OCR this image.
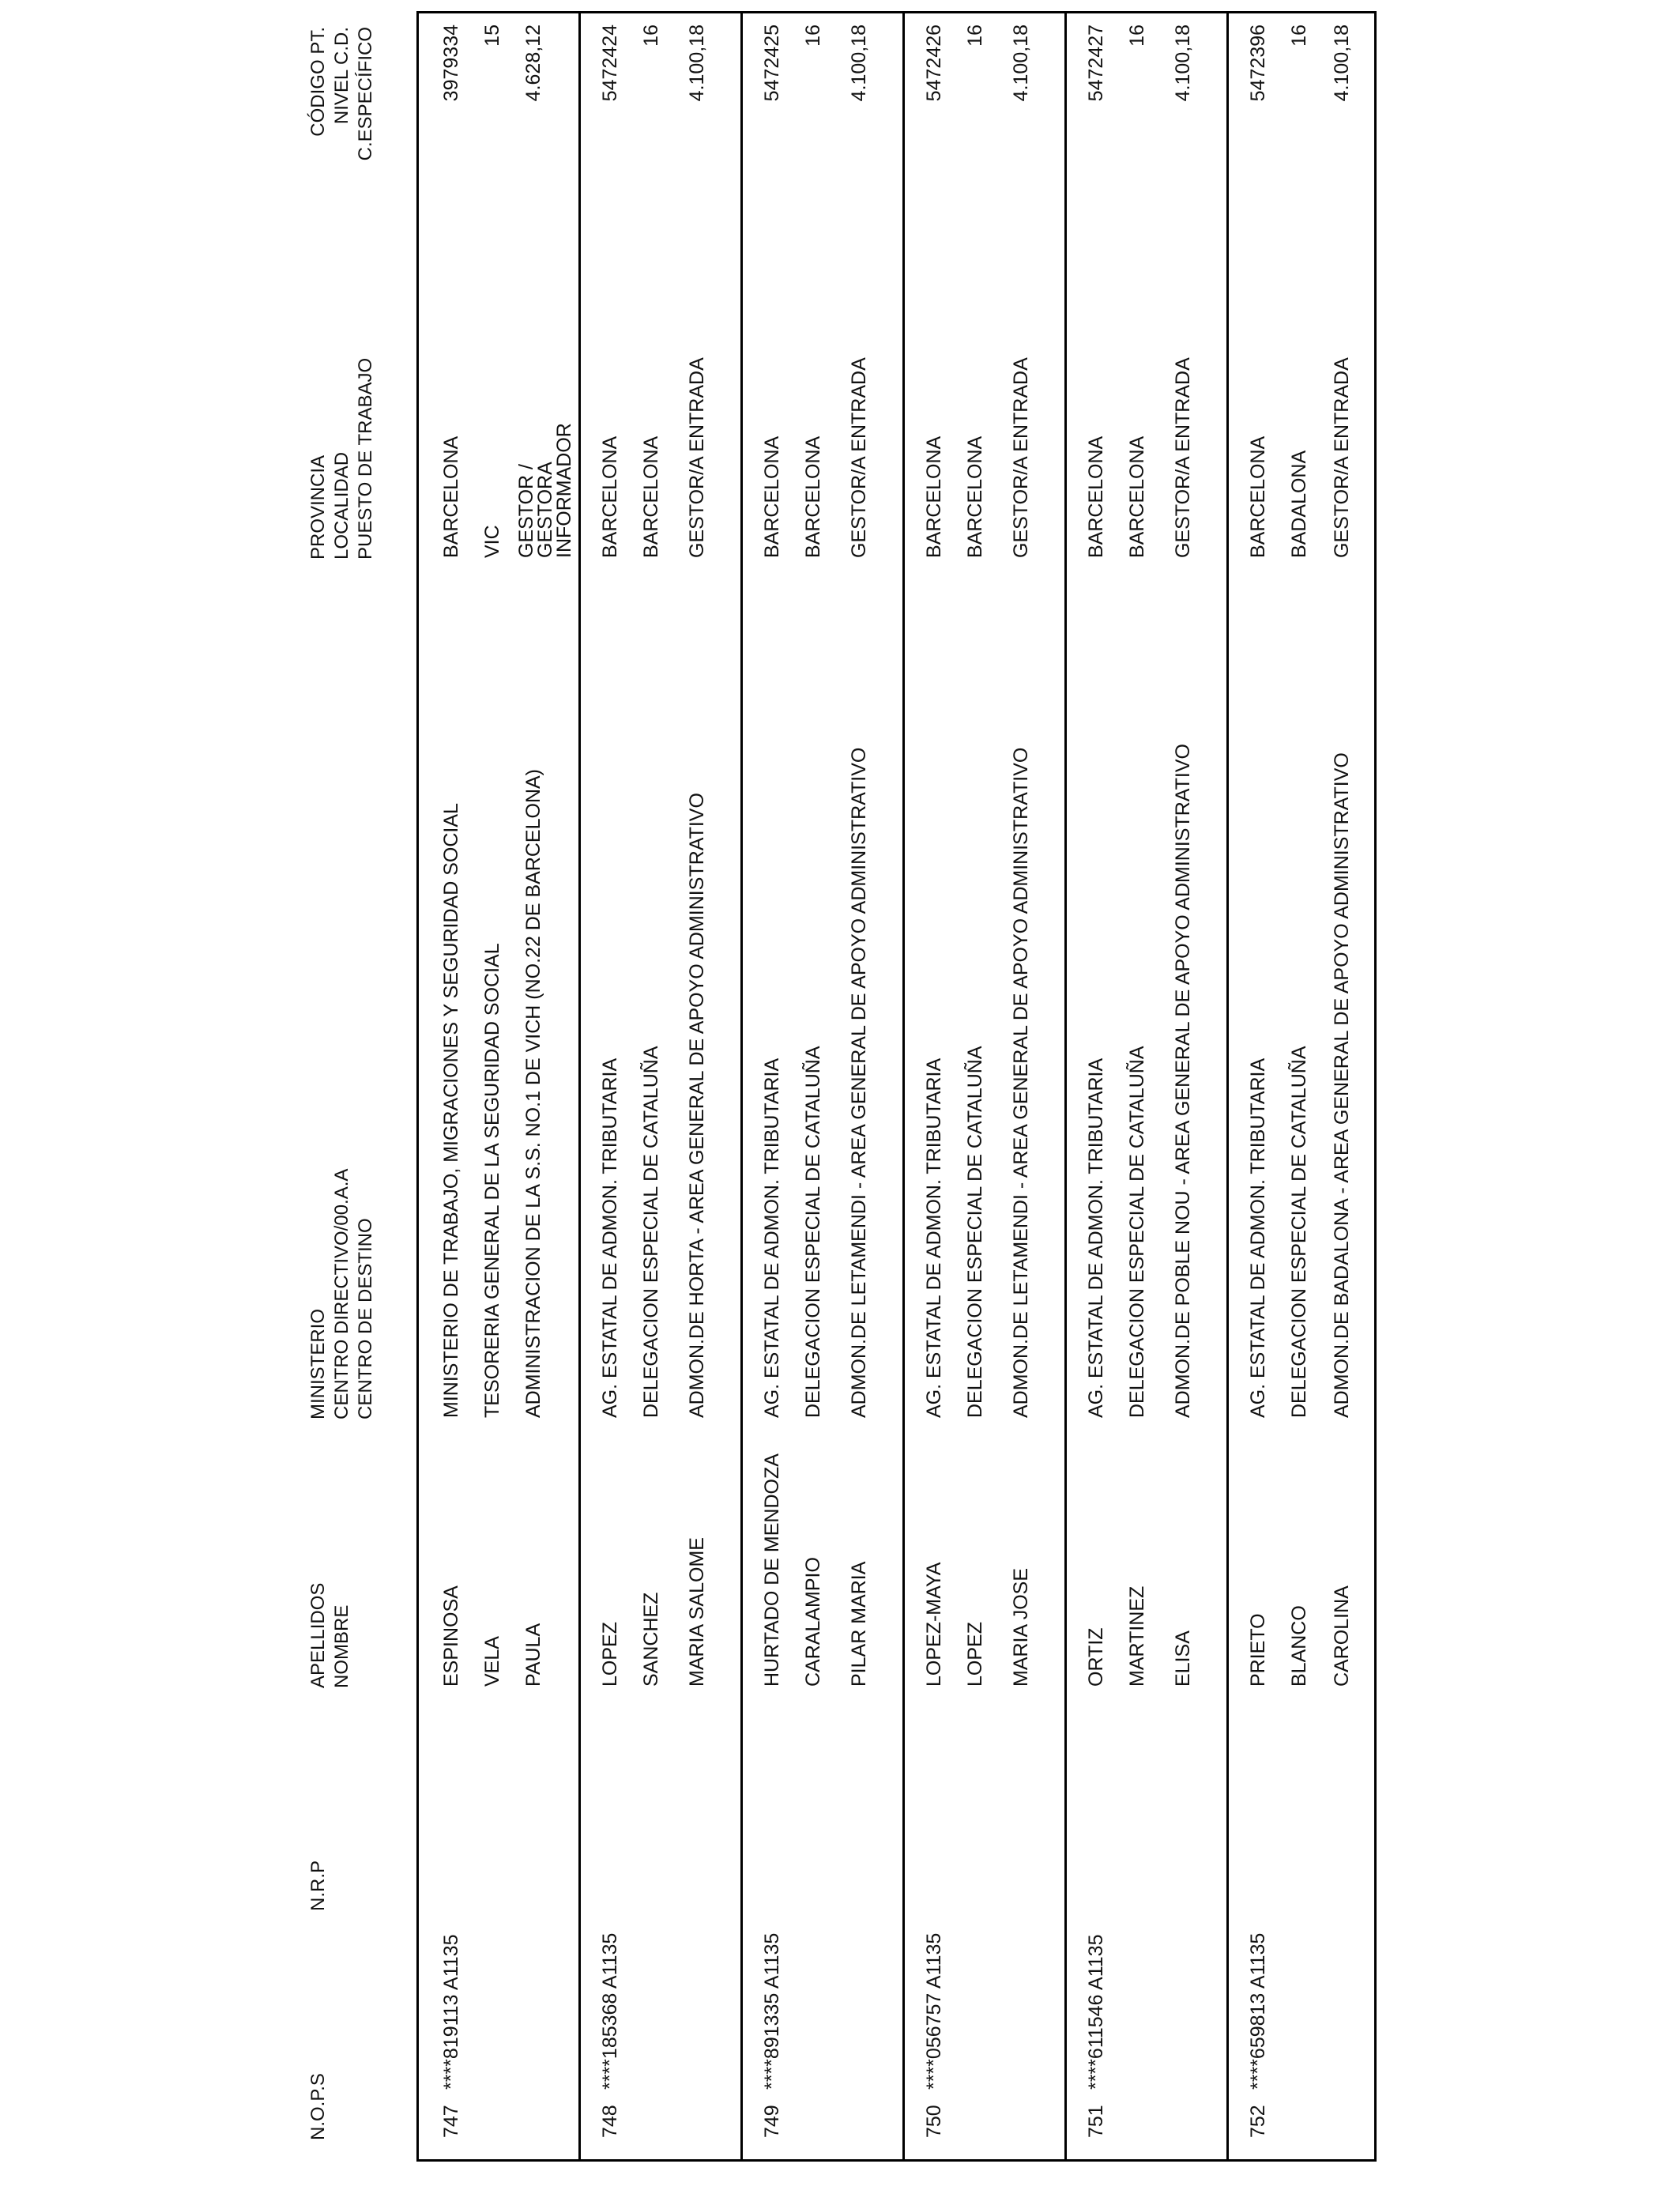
N.O.P.S
N.R.P
APELLIDOS NOMBRE
MINISTERIO CENTRO DIRECTIVO/00.A.A CENTRO DE DESTINO
PROVINCIA LOCALIDAD PUESTO DE TRABAJO
CÓDIGO PT. NIVEL C.D. C.ESPECÍFICO
747
****819113 A1135
ESPINOSA VELA PAULA
MINISTERIO DE TRABAJO, MIGRACIONES Y SEGURIDAD SOCIAL TESORERIA GENERAL DE LA SEGURIDAD SOCIAL ADMINISTRACION DE LA S.S. NO.1 DE VICH (NO.22 DE BARCELONA)
BARCELONA VIC GESTOR / GESTORA INFORMADOR
3979334 15 4.628,12
748
****185368 A1135
LOPEZ SANCHEZ MARIA SALOME
AG. ESTATAL DE ADMON. TRIBUTARIA DELEGACION ESPECIAL DE CATALUÑA ADMON.DE HORTA - AREA GENERAL DE APOYO ADMINISTRATIVO
BARCELONA BARCELONA GESTOR/A ENTRADA
5472424 16 4.100,18
749
****891335 A1135
HURTADO DE MENDOZA CARALAMPIO PILAR MARIA
AG. ESTATAL DE ADMON. TRIBUTARIA DELEGACION ESPECIAL DE CATALUÑA ADMON.DE LETAMENDI - AREA GENERAL DE APOYO ADMINISTRATIVO
BARCELONA BARCELONA GESTOR/A ENTRADA
5472425 16 4.100,18
750
****056757 A1135
LOPEZ-MAYA LOPEZ MARIA JOSE
AG. ESTATAL DE ADMON. TRIBUTARIA DELEGACION ESPECIAL DE CATALUÑA ADMON.DE LETAMENDI - AREA GENERAL DE APOYO ADMINISTRATIVO
BARCELONA BARCELONA GESTOR/A ENTRADA
5472426 16 4.100,18
751
****611546 A1135
ORTIZ MARTINEZ ELISA
AG. ESTATAL DE ADMON. TRIBUTARIA DELEGACION ESPECIAL DE CATALUÑA ADMON.DE POBLE NOU - AREA GENERAL DE APOYO ADMINISTRATIVO
BARCELONA BARCELONA GESTOR/A ENTRADA
5472427 16 4.100,18
752
****659813 A1135
PRIETO BLANCO CAROLINA
AG. ESTATAL DE ADMON. TRIBUTARIA DELEGACION ESPECIAL DE CATALUÑA ADMON.DE BADALONA - AREA GENERAL DE APOYO ADMINISTRATIVO
BARCELONA BADALONA GESTOR/A ENTRADA
5472396 16 4.100,18
